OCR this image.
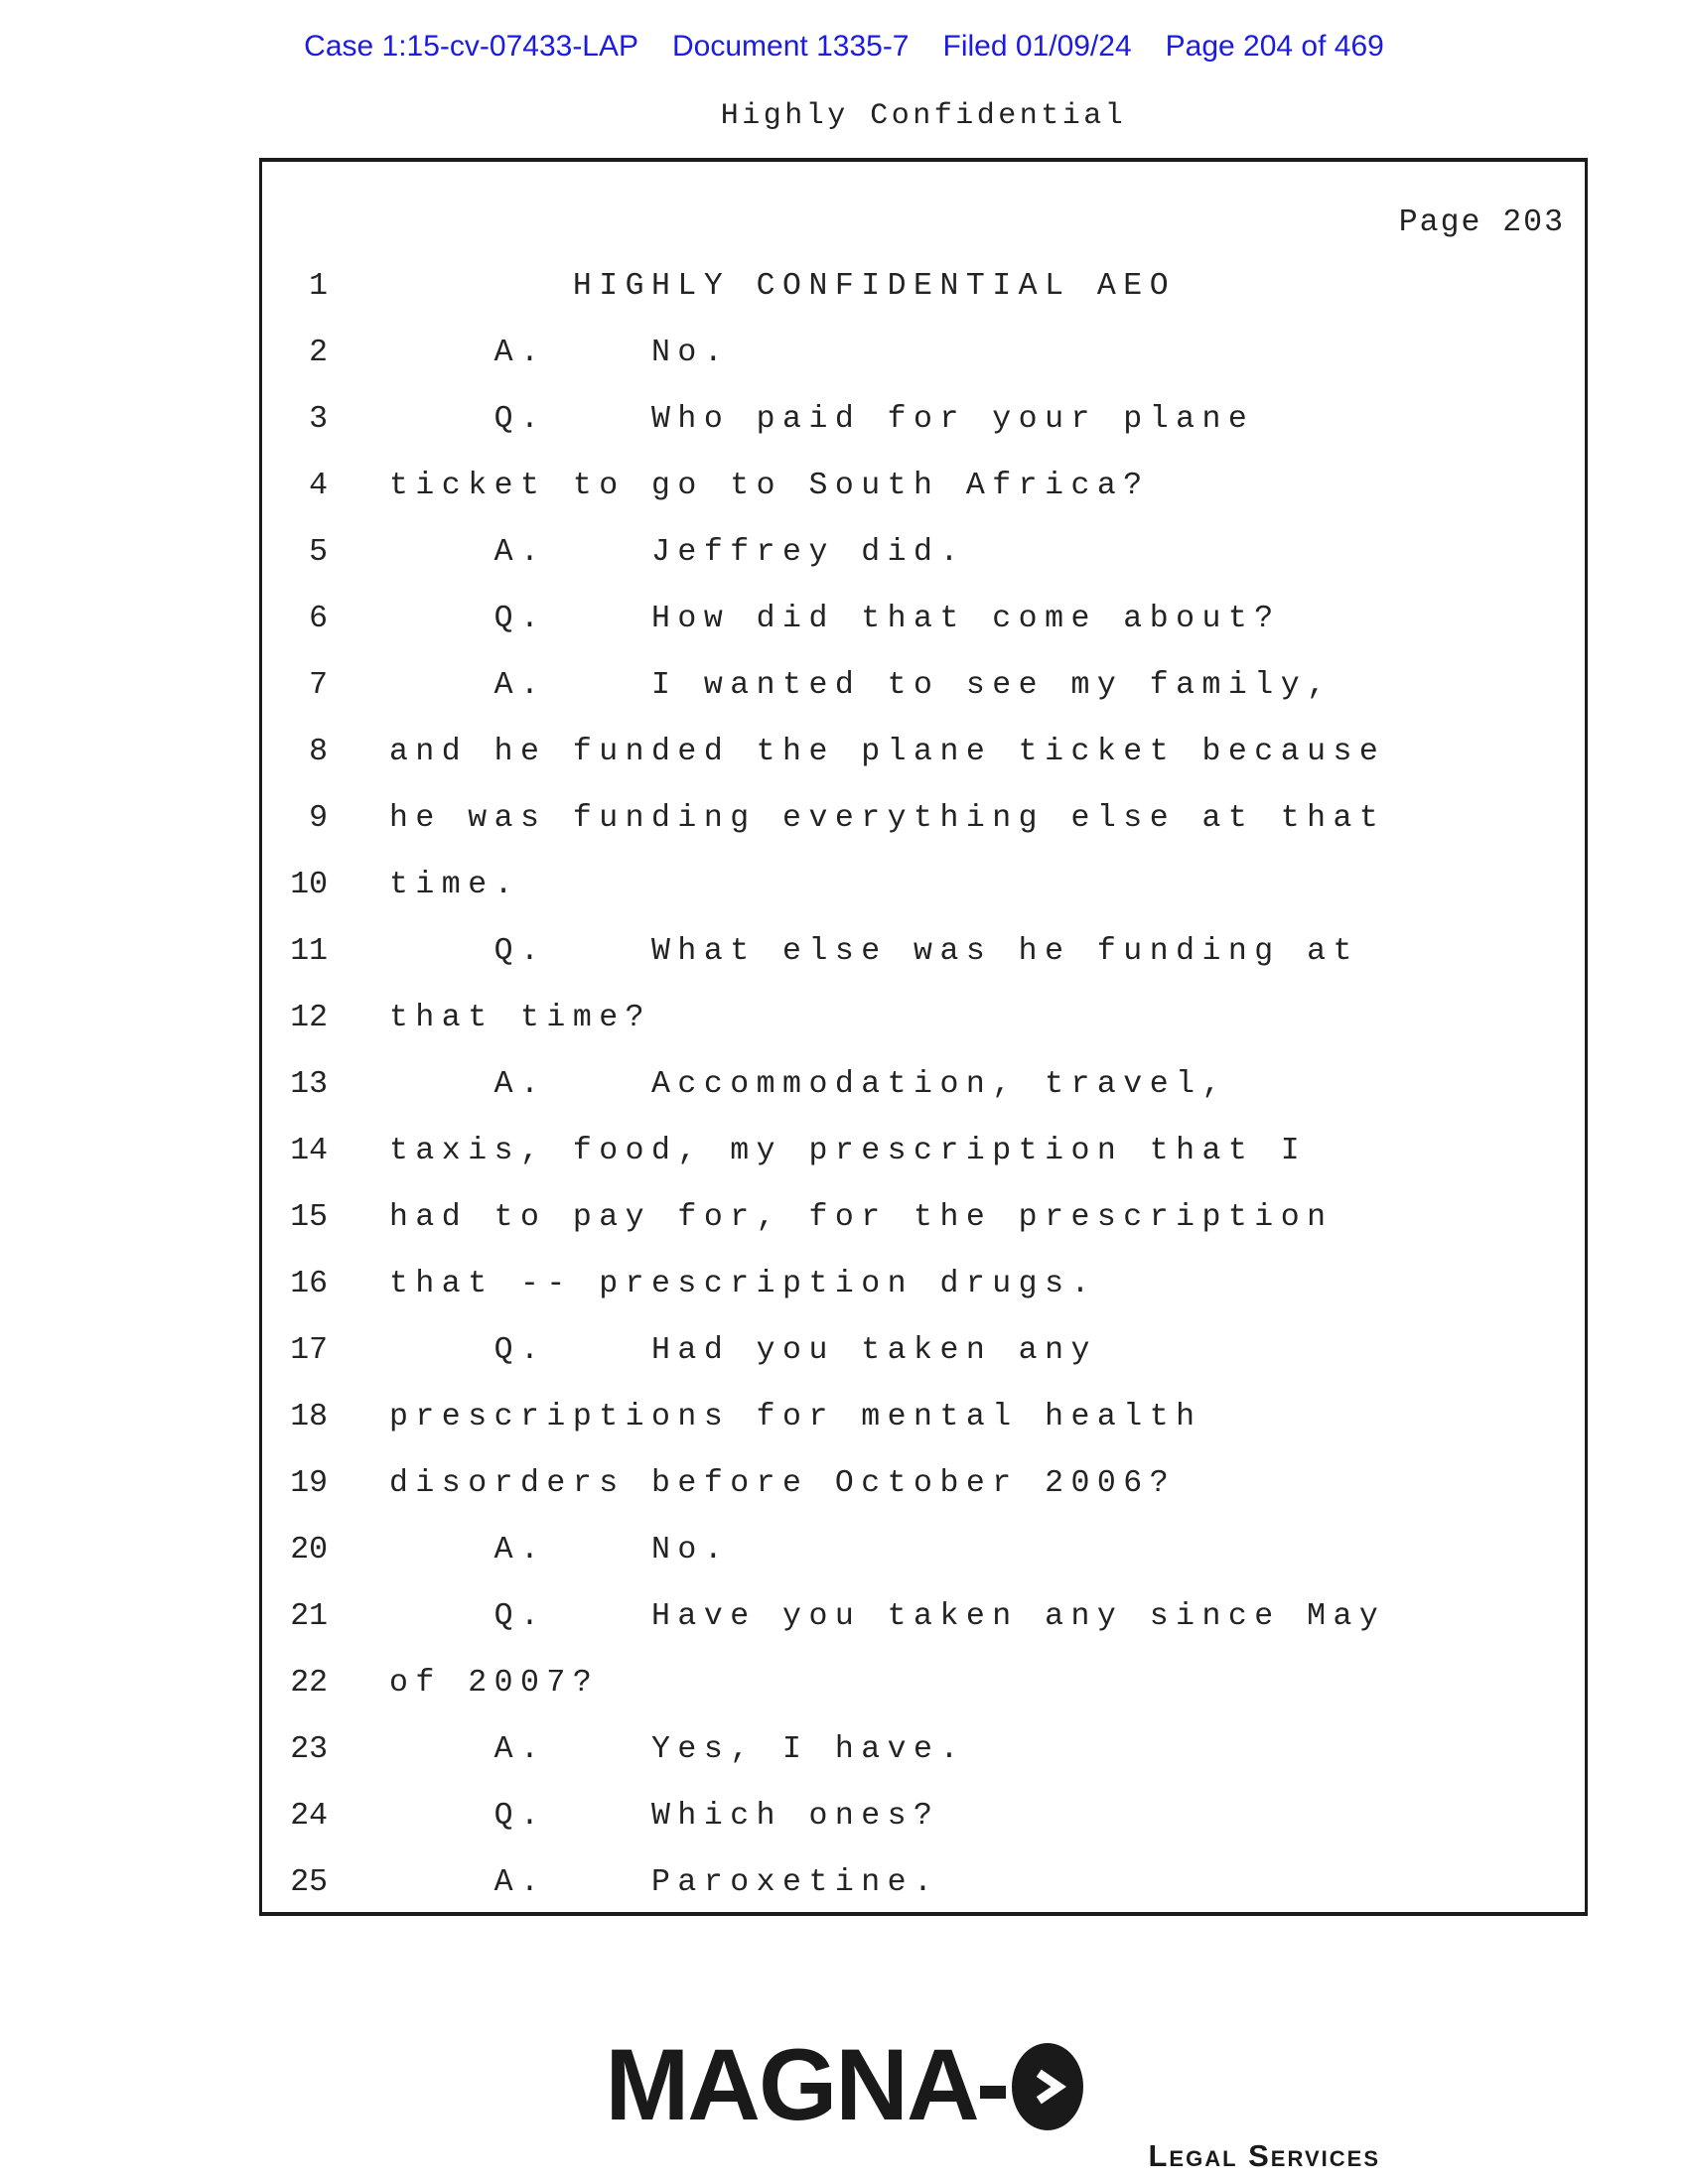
Case 1:15-cv-07433-LAP Document 1335-7 Filed 01/09/24 Page 204 of 469
Highly Confidential
Page 203
1 HIGHLY CONFIDENTIAL AEO
2 A.    No.
3 Q.    Who paid for your plane
4 ticket to go to South Africa?
5 A.    Jeffrey did.
6 Q.    How did that come about?
7 A.    I wanted to see my family,
8 and he funded the plane ticket because
9 he was funding everything else at that
10 time.
11 Q.    What else was he funding at
12 that time?
13 A.    Accommodation, travel,
14 taxis, food, my prescription that I
15 had to pay for, for the prescription
16 that -- prescription drugs.
17 Q.    Had you taken any
18 prescriptions for mental health
19 disorders before October 2006?
20 A.    No.
21 Q.    Have you taken any since May
22 of 2007?
23 A.    Yes, I have.
24 Q.    Which ones?
25 A.    Paroxetine.
MAGNA
Legal Services
